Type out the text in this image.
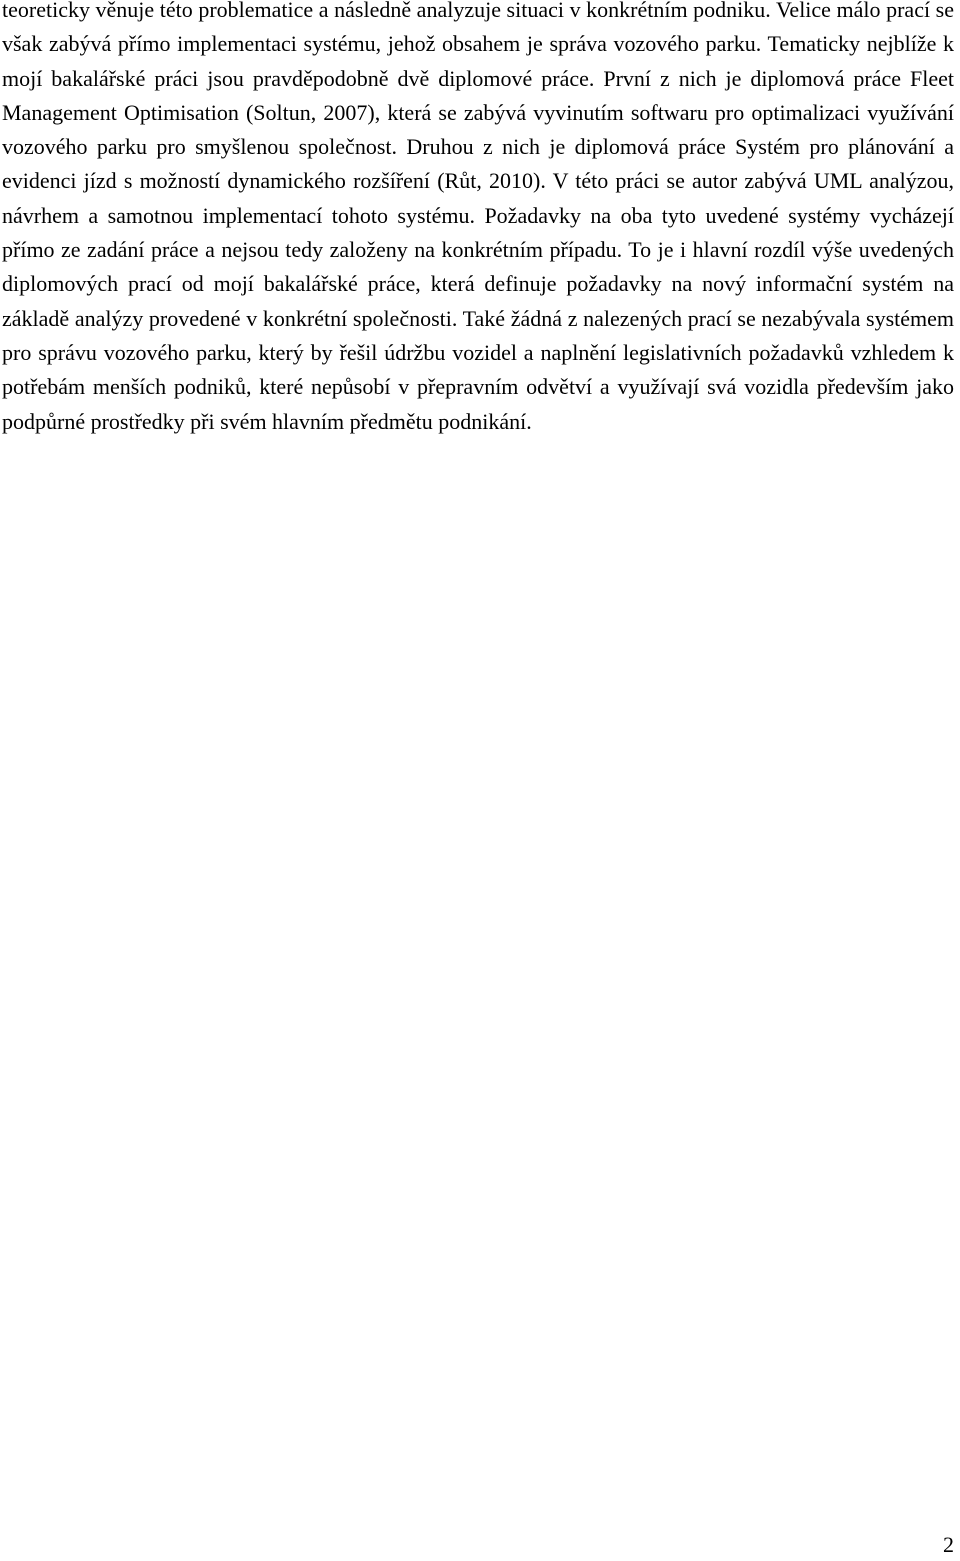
teoreticky věnuje této problematice a následně analyzuje situaci v konkrétním podniku. Velice málo prací se však zabývá přímo implementaci systému, jehož obsahem je správa vozového parku. Tematicky nejblíže k mojí bakalářské práci jsou pravděpodobně dvě diplomové práce. První z nich je diplomová práce Fleet Management Optimisation (Soltun, 2007), která se zabývá vyvinutím softwaru pro optimalizaci využívání vozového parku pro smyšlenou společnost. Druhou z nich je diplomová práce Systém pro plánování a evidenci jízd s možností dynamického rozšíření (Růt, 2010). V této práci se autor zabývá UML analýzou, návrhem a samotnou implementací tohoto systému. Požadavky na oba tyto uvedené systémy vycházejí přímo ze zadání práce a nejsou tedy založeny na konkrétním případu. To je i hlavní rozdíl výše uvedených diplomových prací od mojí bakalářské práce, která definuje požadavky na nový informační systém na základě analýzy provedené v konkrétní společnosti. Také žádná z nalezených prací se nezabývala systémem pro správu vozového parku, který by řešil údržbu vozidel a naplnění legislativních požadavků vzhledem k potřebám menších podniků, které nepůsobí v přepravním odvětví a využívají svá vozidla především jako podpůrné prostředky při svém hlavním předmětu podnikání.

2
